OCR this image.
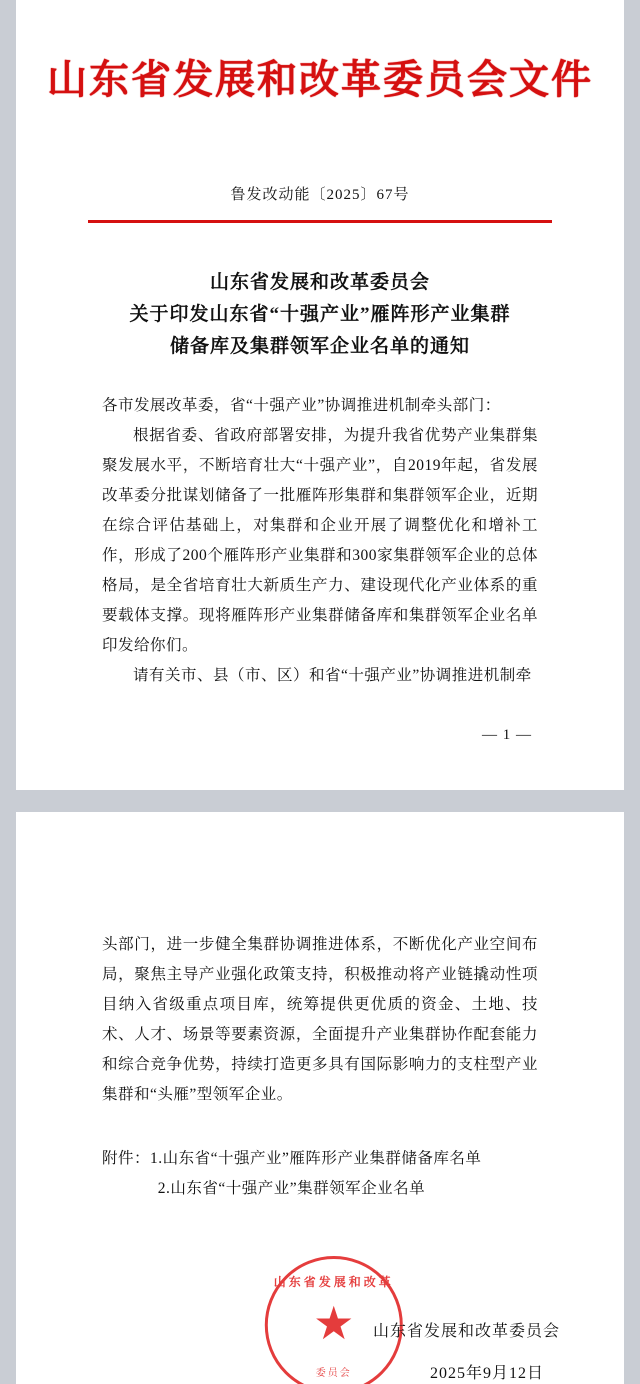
山东省发展和改革委员会文件
鲁发改动能〔2025〕67号
山东省发展和改革委员会
关于印发山东省“十强产业”雁阵形产业集群
储备库及集群领军企业名单的通知

各市发展改革委，省“十强产业”协调推进机制牵头部门：

根据省委、省政府部署安排，为提升我省优势产业集群集聚发展水平，不断培育壮大“十强产业”，自2019年起，省发展改革委分批谋划储备了一批雁阵形集群和集群领军企业，近期在综合评估基础上，对集群和企业开展了调整优化和增补工作，形成了200个雁阵形产业集群和300家集群领军企业的总体格局，是全省培育壮大新质生产力、建设现代化产业体系的重要载体支撑。现将雁阵形产业集群储备库和集群领军企业名单印发给你们。

请有关市、县（市、区）和省“十强产业”协调推进机制牵

— 1 —

头部门，进一步健全集群协调推进体系，不断优化产业空间布局，聚焦主导产业强化政策支持，积极推动将产业链撬动性项目纳入省级重点项目库，统筹提供更优质的资金、土地、技术、人才、场景等要素资源，全面提升产业集群协作配套能力和综合竞争优势，持续打造更多具有国际影响力的支柱型产业集群和“头雁”型领军企业。

附件：1.山东省“十强产业”雁阵形产业集群储备库名单
2.山东省“十强产业”集群领军企业名单
山东省发展和改革
★
委员会
山东省发展和改革委员会
2025年9月12日
